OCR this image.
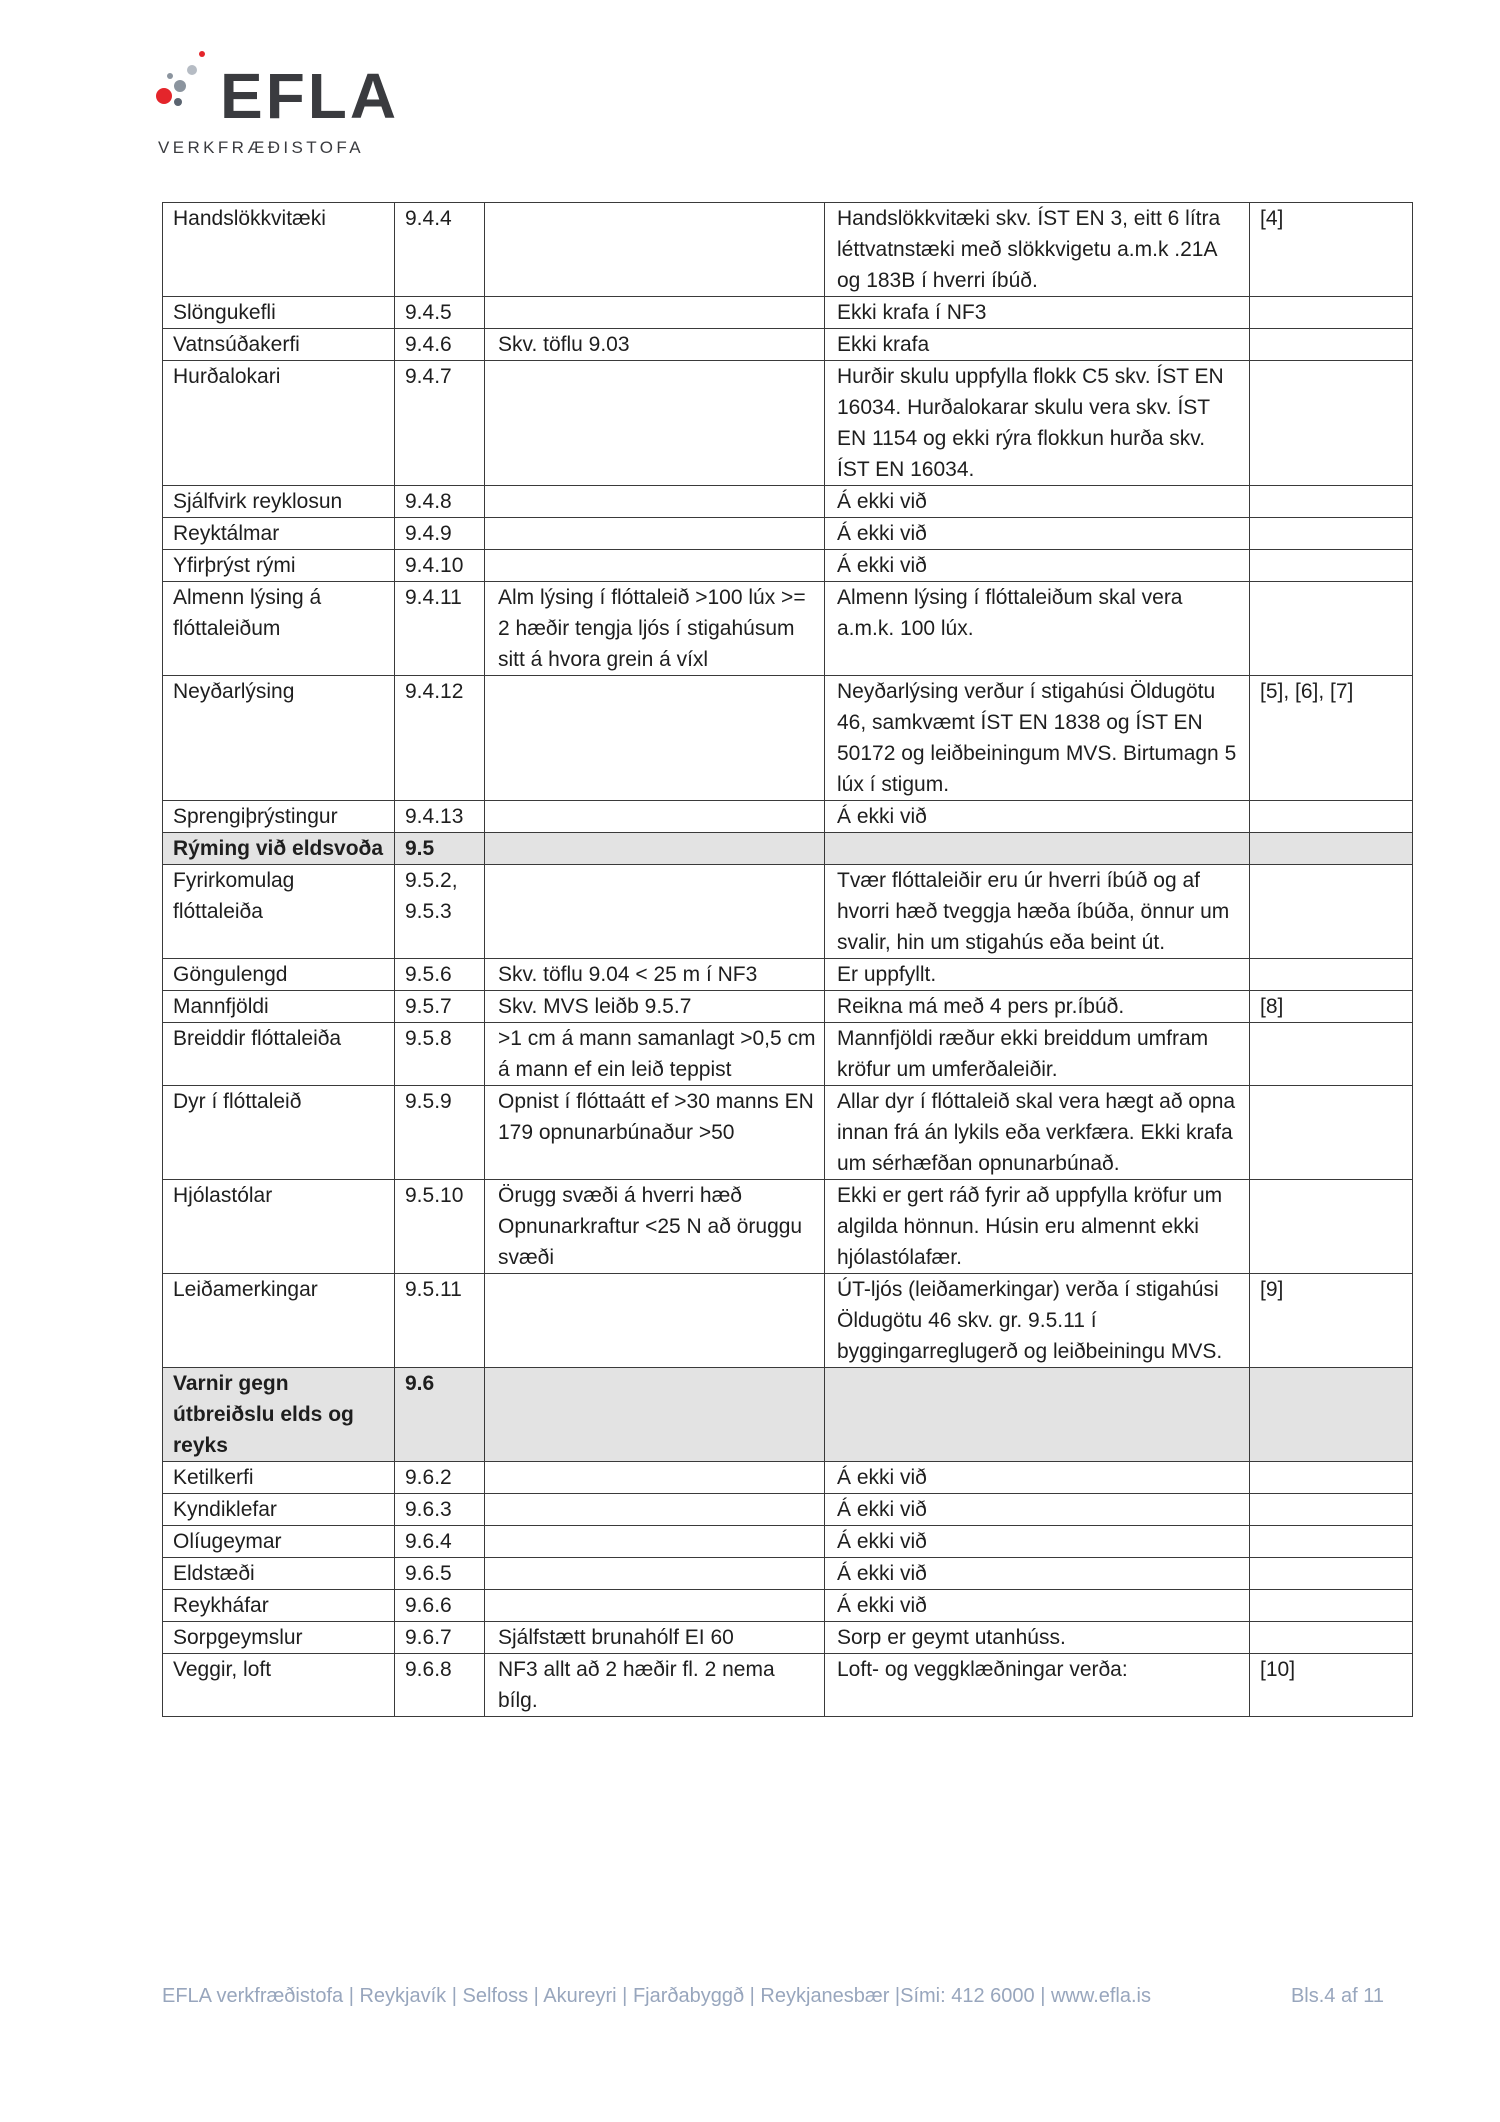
EFLA
VERKFRÆÐISTOFA
Handslökkvitæki	9.4.4		Handslökkvitæki skv. ÍST EN 3, eitt 6 lítra léttvatnstæki með slökkvigetu a.m.k .21A og 183B í hverri íbúð.	[4]
Slöngukefli	9.4.5		Ekki krafa í NF3	
Vatnsúðakerfi	9.4.6	Skv. töflu 9.03	Ekki krafa	
Hurðalokari	9.4.7		Hurðir skulu uppfylla flokk C5 skv. ÍST EN 16034. Hurðalokarar skulu vera skv. ÍST EN 1154 og ekki rýra flokkun hurða skv. ÍST EN 16034.	
Sjálfvirk reyklosun	9.4.8		Á ekki við	
Reyktálmar	9.4.9		Á ekki við	
Yfirþrýst rými	9.4.10		Á ekki við	
Almenn lýsing á flóttaleiðum	9.4.11	Alm lýsing í flóttaleið >100 lúx >= 2 hæðir tengja ljós í stigahúsum sitt á hvora grein á víxl	Almenn lýsing í flóttaleiðum skal vera a.m.k. 100 lúx.	
Neyðarlýsing	9.4.12		Neyðarlýsing verður í stigahúsi Öldugötu 46, samkvæmt ÍST EN 1838 og ÍST EN 50172 og leiðbeiningum MVS. Birtumagn 5 lúx í stigum.	[5], [6], [7]
Sprengiþrýstingur	9.4.13		Á ekki við	
Rýming við eldsvoða	9.5			
Fyrirkomulag flóttaleiða	9.5.2, 9.5.3		Tvær flóttaleiðir eru úr hverri íbúð og af hvorri hæð tveggja hæða íbúða, önnur um svalir, hin um stigahús eða beint út.	
Göngulengd	9.5.6	Skv. töflu 9.04 < 25 m í NF3	Er uppfyllt.	
Mannfjöldi	9.5.7	Skv. MVS leiðb 9.5.7	Reikna má með 4 pers pr.íbúð.	[8]
Breiddir flóttaleiða	9.5.8	>1 cm á mann samanlagt >0,5 cm á mann ef ein leið teppist	Mannfjöldi ræður ekki breiddum umfram kröfur um umferðaleiðir.	
Dyr í flóttaleið	9.5.9	Opnist í flóttaátt ef >30 manns EN 179 opnunarbúnaður >50	Allar dyr í flóttaleið skal vera hægt að opna innan frá án lykils eða verkfæra. Ekki krafa um sérhæfðan opnunarbúnað.	
Hjólastólar	9.5.10	Örugg svæði á hverri hæð Opnunarkraftur <25 N að öruggu svæði	Ekki er gert ráð fyrir að uppfylla kröfur um algilda hönnun. Húsin eru almennt ekki hjólastólafær.	
Leiðamerkingar	9.5.11		ÚT-ljós (leiðamerkingar) verða í stigahúsi Öldugötu 46 skv. gr. 9.5.11 í byggingarreglugerð og leiðbeiningu MVS.	[9]
Varnir gegn útbreiðslu elds og reyks	9.6			
Ketilkerfi	9.6.2		Á ekki við	
Kyndiklefar	9.6.3		Á ekki við	
Olíugeymar	9.6.4		Á ekki við	
Eldstæði	9.6.5		Á ekki við	
Reykháfar	9.6.6		Á ekki við	
Sorpgeymslur	9.6.7	Sjálfstætt brunahólf EI 60	Sorp er geymt utanhúss.	
Veggir, loft	9.6.8	NF3 allt að 2 hæðir fl. 2 nema bílg.	Loft- og veggklæðningar verða:	[10]
EFLA verkfræðistofa | Reykjavík | Selfoss | Akureyri | Fjarðabyggð | Reykjanesbær |Sími: 412 6000 | www.efla.is	Bls.4 af 11
